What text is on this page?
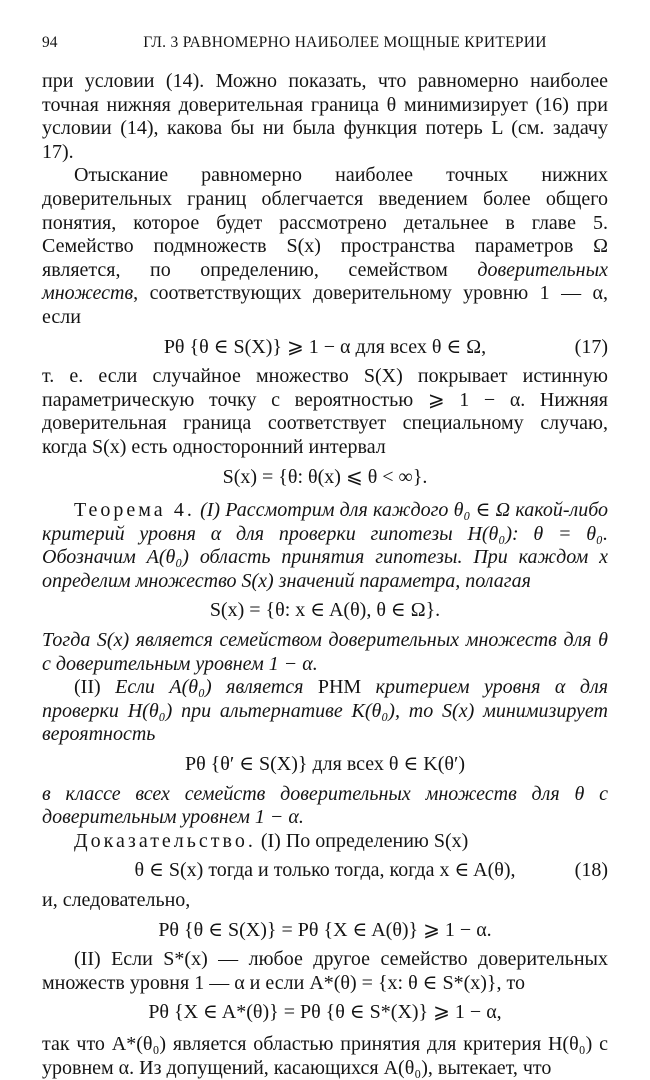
94	ГЛ. 3 РАВНОМЕРНО НАИБОЛЕЕ МОЩНЫЕ КРИТЕРИИ

при условии (14). Можно показать, что равномерно наиболее точная нижняя доверительная граница θ минимизирует (16) при условии (14), какова бы ни была функция потерь L (см. задачу 17).

Отыскание равномерно наиболее точных нижних доверительных границ облегчается введением более общего понятия, которое будет рассмотрено детальнее в главе 5. Семейство подмножеств S(x) пространства параметров Ω является, по определению, семейством доверительных множеств, соответствующих доверительному уровню 1 — α, если

Pθ {θ ∈ S(X)} ⩾ 1 − α для всех θ ∈ Ω,	(17)

т. е. если случайное множество S(X) покрывает истинную параметрическую точку с вероятностью ⩾ 1 − α. Нижняя доверительная граница соответствует специальному случаю, когда S(x) есть односторонний интервал

S(x) = {θ: θ(x) ⩽ θ < ∞}.

Теорема 4. (I) Рассмотрим для каждого θ₀ ∈ Ω какой-либо критерий уровня α для проверки гипотезы H(θ₀): θ = θ₀. Обозначим A(θ₀) область принятия гипотезы. При каждом x определим множество S(x) значений параметра, полагая

S(x) = {θ: x ∈ A(θ), θ ∈ Ω}.

Тогда S(x) является семейством доверительных множеств для θ с доверительным уровнем 1 − α.

(II) Если A(θ₀) является РНМ критерием уровня α для проверки H(θ₀) при альтернативе K(θ₀), то S(x) минимизирует вероятность

Pθ {θ′ ∈ S(X)} для всех θ ∈ K(θ′)

в классе всех семейств доверительных множеств для θ с доверительным уровнем 1 − α.

Доказательство. (I) По определению S(x)

θ ∈ S(x) тогда и только тогда, когда x ∈ A(θ),	(18)

и, следовательно,

Pθ {θ ∈ S(X)} = Pθ {X ∈ A(θ)} ⩾ 1 − α.

(II) Если S*(x) — любое другое семейство доверительных множеств уровня 1 — α и если A*(θ) = {x: θ ∈ S*(x)}, то

Pθ {X ∈ A*(θ)} = Pθ {θ ∈ S*(X)} ⩾ 1 − α,

так что A*(θ₀) является областью принятия для критерия H(θ₀) с уровнем α. Из допущений, касающихся A(θ₀), вытекает, что
